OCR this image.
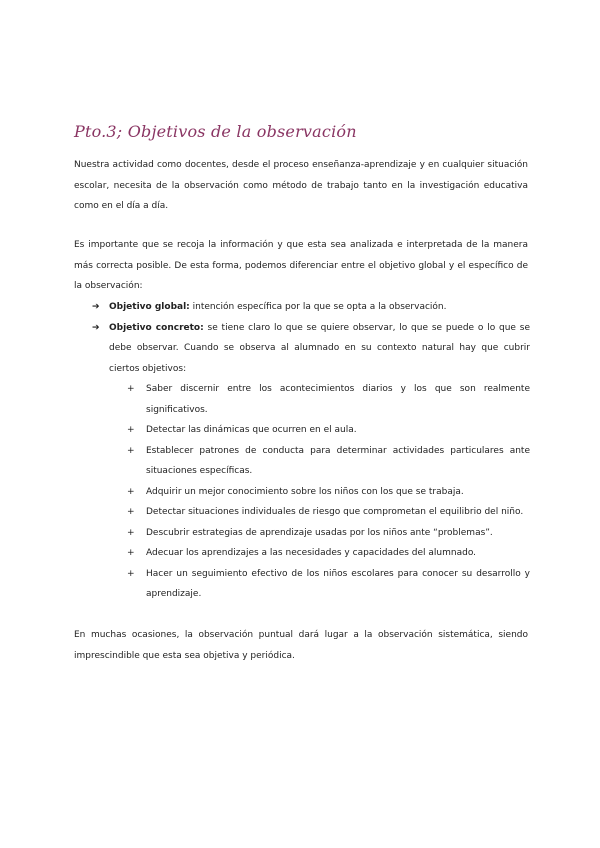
Pto.3; Objetivos de la observación
Nuestra actividad como docentes, desde el proceso enseñanza-aprendizaje y en cualquier situación escolar, necesita de la observación como método de trabajo tanto en la investigación educativa como en el día a día.
Es importante que se recoja la información y que esta sea analizada e interpretada de la manera más correcta posible. De esta forma, podemos diferenciar entre el objetivo global y el específico de la observación:
➔ Objetivo global: intención específica por la que se opta a la observación.
➔ Objetivo concreto: se tiene claro lo que se quiere observar, lo que se puede o lo que se debe observar. Cuando se observa al alumnado en su contexto natural hay que cubrir ciertos objetivos:
+ Saber discernir entre los acontecimientos diarios y los que son realmente significativos.
+ Detectar las dinámicas que ocurren en el aula.
+ Establecer patrones de conducta para determinar actividades particulares ante situaciones específicas.
+ Adquirir un mejor conocimiento sobre los niños con los que se trabaja.
+ Detectar situaciones individuales de riesgo que comprometan el equilibrio del niño.
+ Descubrir estrategias de aprendizaje usadas por los niños ante “problemas”.
+ Adecuar los aprendizajes a las necesidades y capacidades del alumnado.
+ Hacer un seguimiento efectivo de los niños escolares para conocer su desarrollo y aprendizaje.
En muchas ocasiones, la observación puntual dará lugar a la observación sistemática, siendo imprescindible que esta sea objetiva y periódica.
